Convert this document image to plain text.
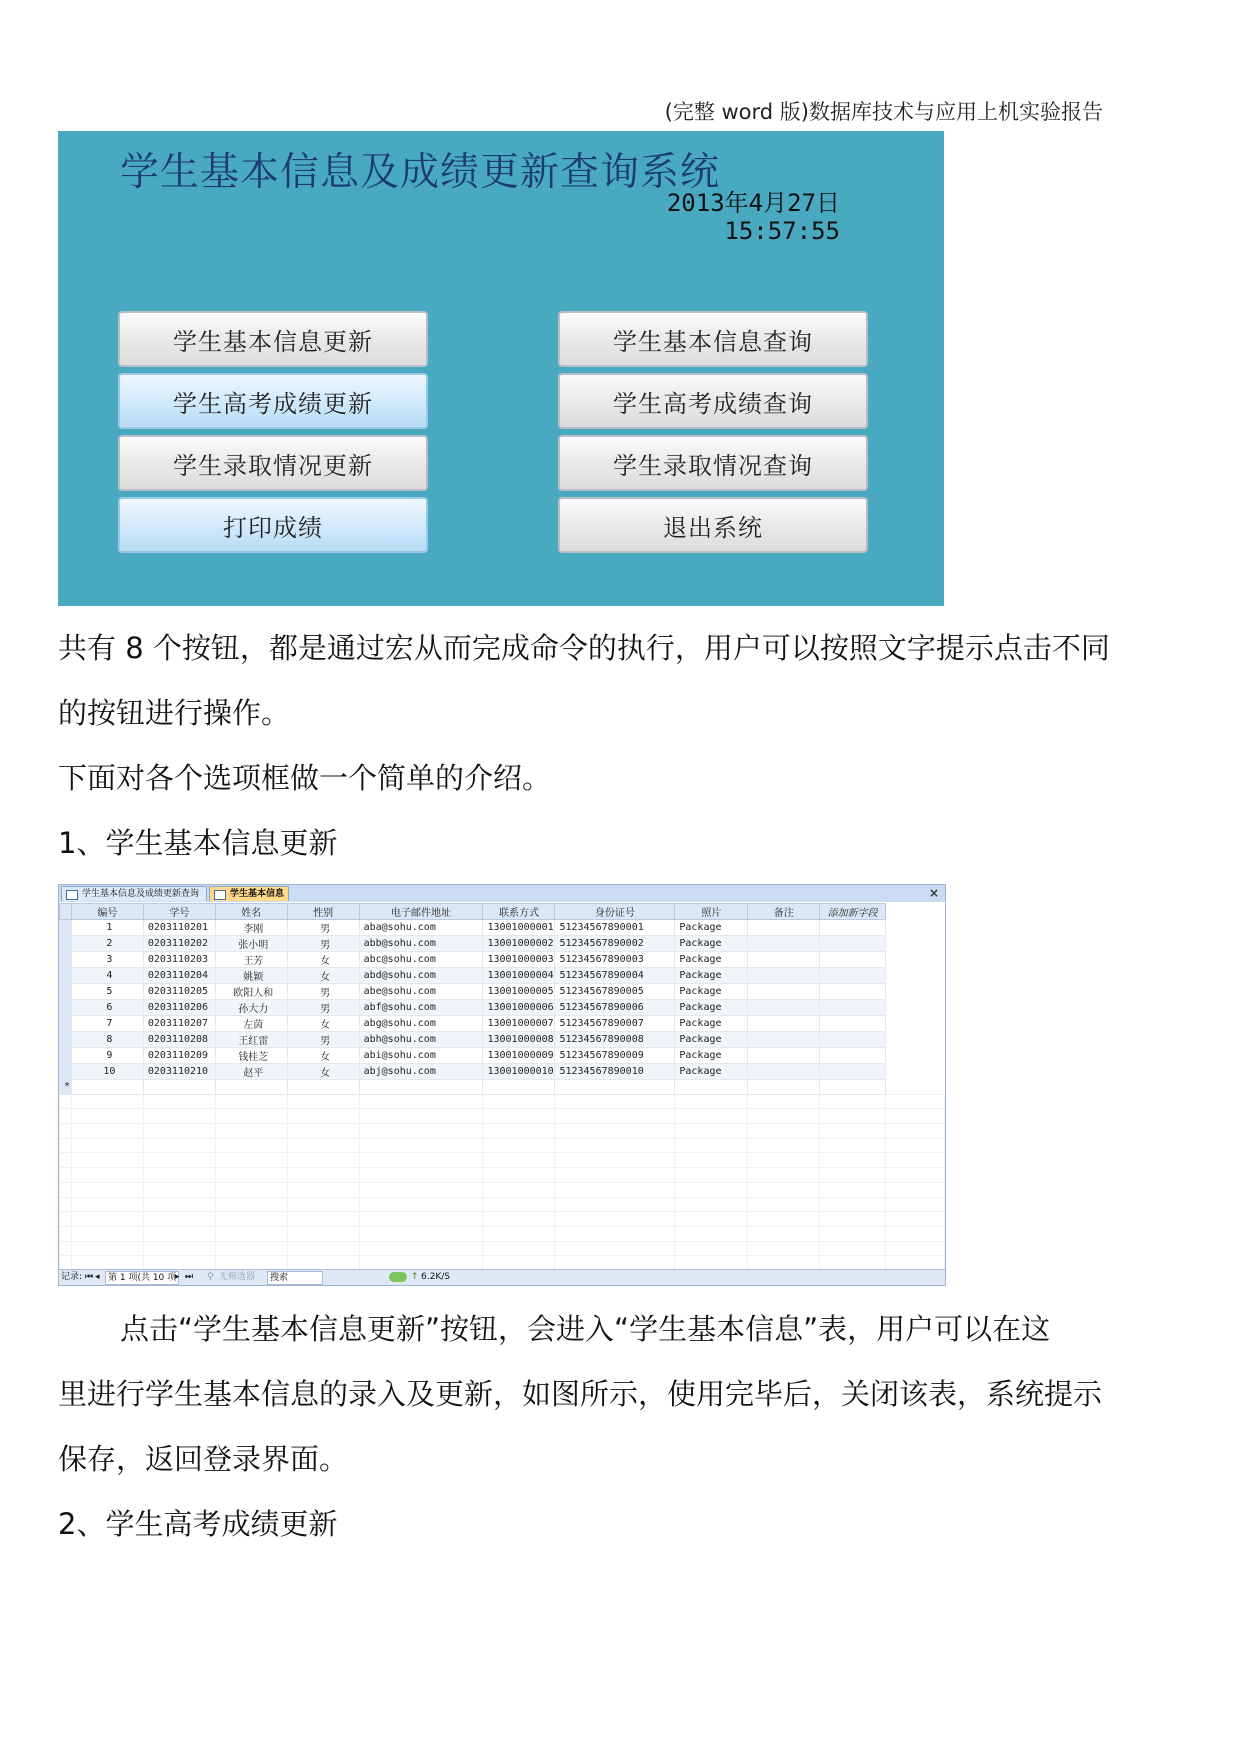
(完整 word 版)数据库技术与应用上机实验报告
学生基本信息及成绩更新查询系统
2013年4月27日
15:57:55
学生基本信息更新
学生高考成绩更新
学生录取情况更新
打印成绩
学生基本信息查询
学生高考成绩查询
学生录取情况查询
退出系统
共有 8 个按钮，都是通过宏从而完成命令的执行，用户可以按照文字提示点击不同
的按钮进行操作。
下面对各个选项框做一个简单的介绍。
1、学生基本信息更新
学生基本信息及成绩更新查询	学生基本信息	×
	编号	学号	姓名	性别	电子邮件地址	联系方式	身份证号	照片	备注	添加新字段	
	1	0203110201	李刚	男	aba@sohu.com	13001000001	51234567890001	Package			
	2	0203110202	张小明	男	abb@sohu.com	13001000002	51234567890002	Package			
	3	0203110203	王芳	女	abc@sohu.com	13001000003	51234567890003	Package			
	4	0203110204	姚颖	女	abd@sohu.com	13001000004	51234567890004	Package			
	5	0203110205	欧阳人和	男	abe@sohu.com	13001000005	51234567890005	Package			
	6	0203110206	孙大力	男	abf@sohu.com	13001000006	51234567890006	Package			
	7	0203110207	左茵	女	abg@sohu.com	13001000007	51234567890007	Package			
	8	0203110208	王红雷	男	abh@sohu.com	13001000008	51234567890008	Package			
	9	0203110209	钱桂芝	女	abi@sohu.com	13001000009	51234567890009	Package			
	10	0203110210	赵平	女	abj@sohu.com	13001000010	51234567890010	Package			
*											

记录: ⏮ ◂ 第 1 项(共 10 项
▸ ⏭ ⚲ 无筛选器	搜索	↑ 6.2K/S
点击“学生基本信息更新”按钮，会进入“学生基本信息”表，用户可以在这
里进行学生基本信息的录入及更新，如图所示，使用完毕后，关闭该表，系统提示
保存，返回登录界面。
2、学生高考成绩更新
